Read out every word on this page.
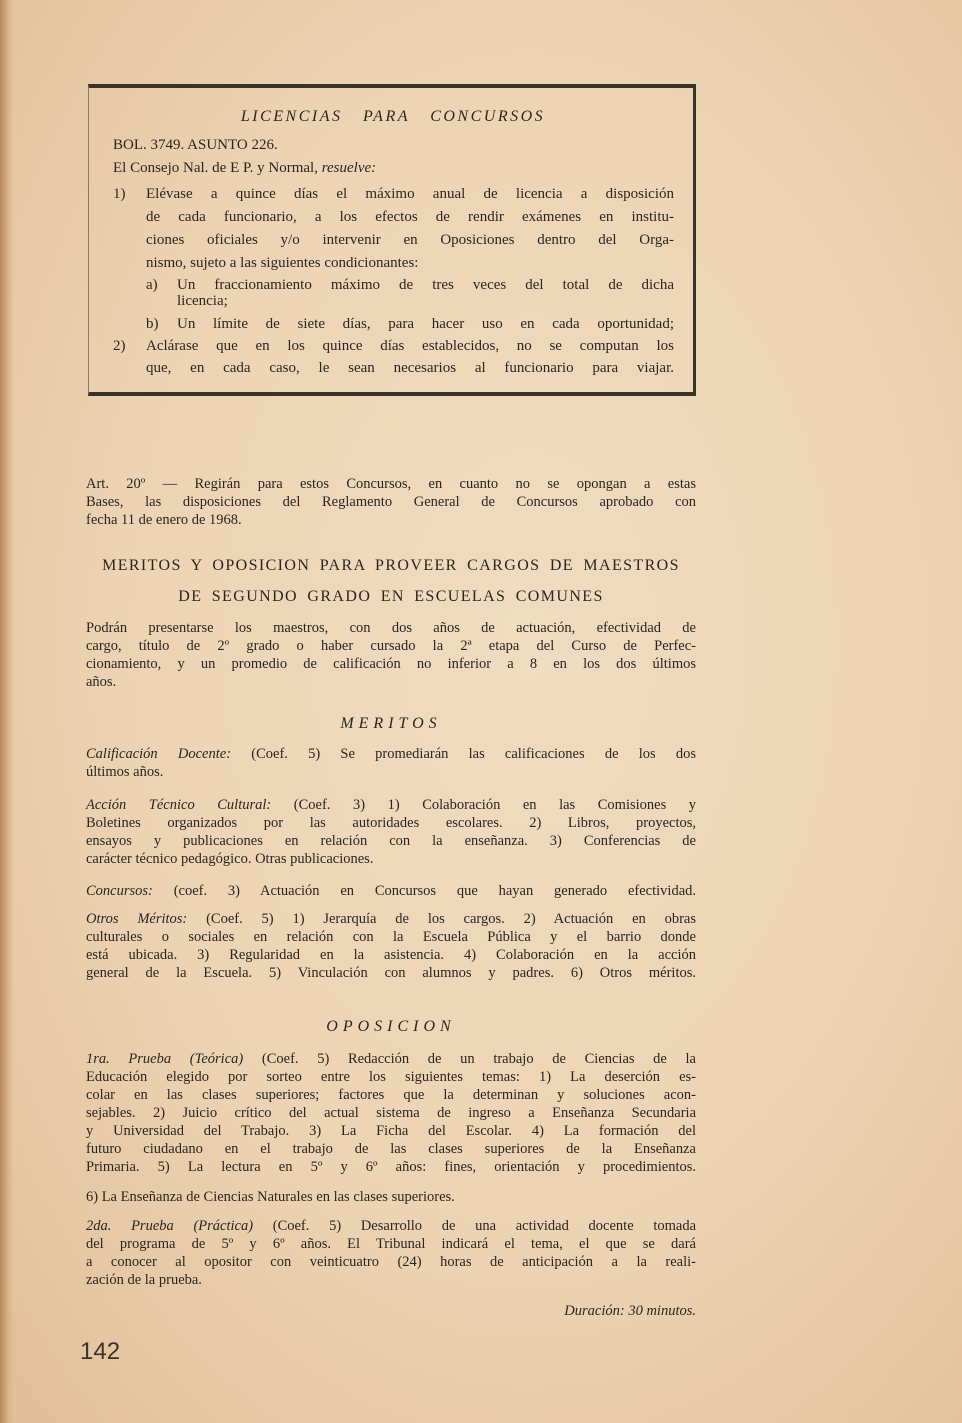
LICENCIAS PARA CONCURSOS
BOL. 3749. ASUNTO 226.
El Consejo Nal. de E P. y Normal, resuelve:
1) Elévase a quince días el máximo anual de licencia a disposición
de cada funcionario, a los efectos de rendir exámenes en institu-
ciones oficiales y/o intervenir en Oposiciones dentro del Orga-
nismo, sujeto a las siguientes condicionantes:
a) Un fraccionamiento máximo de tres veces del total de dicha
licencia;
b) Un límite de siete días, para hacer uso en cada oportunidad;
2) Aclárase que en los quince días establecidos, no se computan los
que, en cada caso, le sean necesarios al funcionario para viajar.
Art. 20º — Regirán para estos Concursos, en cuanto no se opongan a estas
Bases, las disposiciones del Reglamento General de Concursos aprobado con
fecha 11 de enero de 1968.
MERITOS Y OPOSICION PARA PROVEER CARGOS DE MAESTROS
DE SEGUNDO GRADO EN ESCUELAS COMUNES
Podrán presentarse los maestros, con dos años de actuación, efectividad de
cargo, título de 2º grado o haber cursado la 2ª etapa del Curso de Perfec-
cionamiento, y un promedio de calificación no inferior a 8 en los dos últimos
años.
MERITOS
Calificación Docente: (Coef. 5) Se promediarán las calificaciones de los dos
últimos años.
Acción Técnico Cultural: (Coef. 3) 1) Colaboración en las Comisiones y
Boletines organizados por las autoridades escolares. 2) Libros, proyectos,
ensayos y publicaciones en relación con la enseñanza. 3) Conferencias de
carácter técnico pedagógico. Otras publicaciones.
Concursos: (coef. 3) Actuación en Concursos que hayan generado efectividad.
Otros Méritos: (Coef. 5) 1) Jerarquía de los cargos. 2) Actuación en obras
culturales o sociales en relación con la Escuela Pública y el barrio donde
está ubicada. 3) Regularidad en la asistencia. 4) Colaboración en la acción
general de la Escuela. 5) Vinculación con alumnos y padres. 6) Otros méritos.
OPOSICION
1ra. Prueba (Teórica) (Coef. 5) Redacción de un trabajo de Ciencias de la
Educación elegido por sorteo entre los siguientes temas: 1) La deserción es-
colar en las clases superiores; factores que la determinan y soluciones acon-
sejables. 2) Juicio crítico del actual sistema de ingreso a Enseñanza Secundaria
y Universidad del Trabajo. 3) La Ficha del Escolar. 4) La formación del
futuro ciudadano en el trabajo de las clases superiores de la Enseñanza
Primaria. 5) La lectura en 5º y 6º años: fines, orientación y procedimientos.
6) La Enseñanza de Ciencias Naturales en las clases superiores.
2da. Prueba (Práctica) (Coef. 5) Desarrollo de una actividad docente tomada
del programa de 5º y 6º años. El Tribunal indicará el tema, el que se dará
a conocer al opositor con veinticuatro (24) horas de anticipación a la reali-
zación de la prueba.
Duración: 30 minutos.
142
